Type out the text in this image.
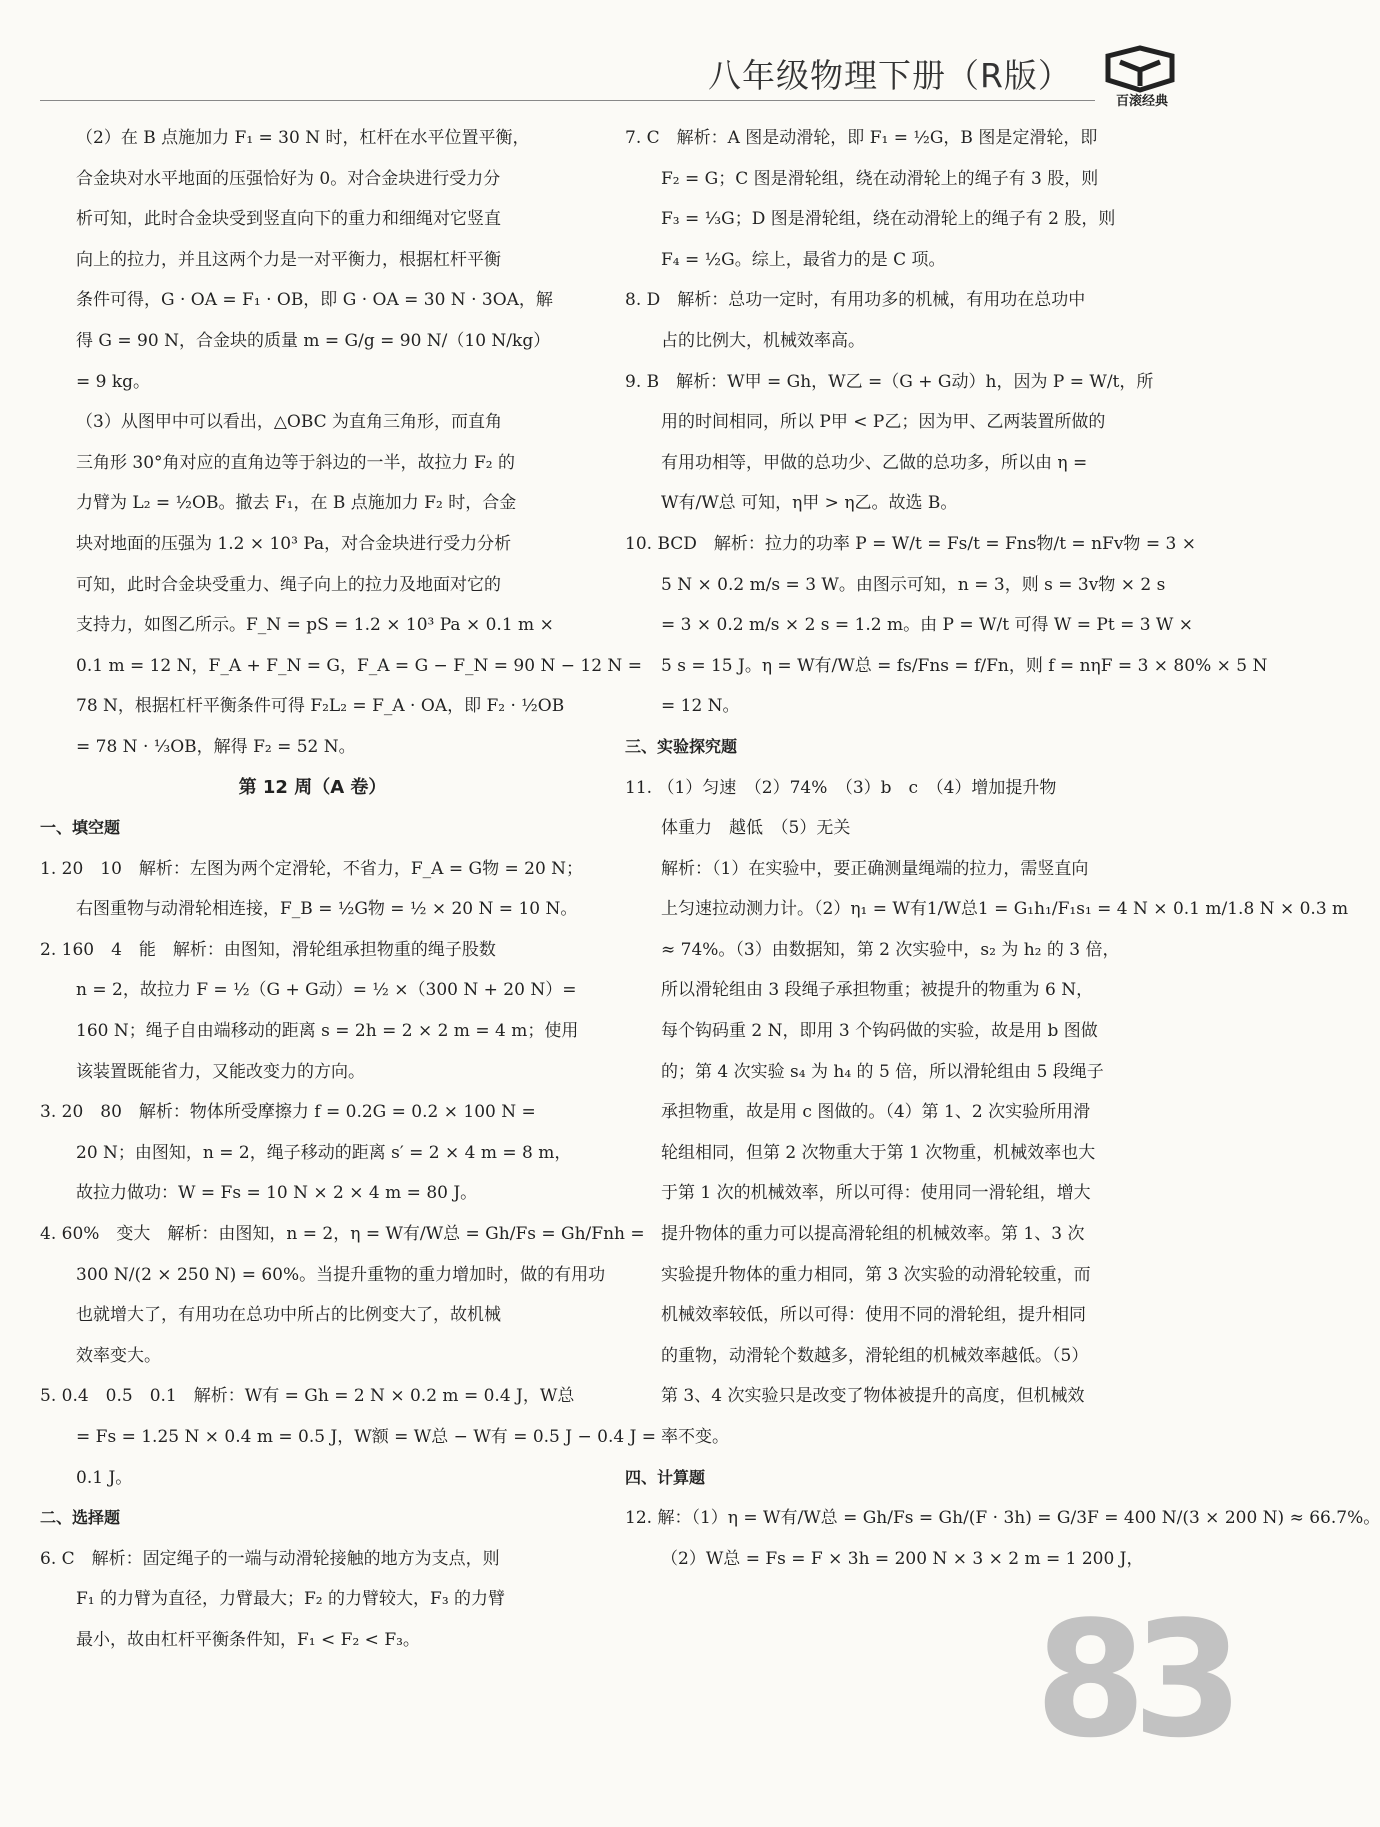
八年级物理下册（R版）
百滚经典
（2）在 B 点施加力 F₁ = 30 N 时，杠杆在水平位置平衡，
合金块对水平地面的压强恰好为 0。对合金块进行受力分
析可知，此时合金块受到竖直向下的重力和细绳对它竖直
向上的拉力，并且这两个力是一对平衡力，根据杠杆平衡
条件可得，G · OA = F₁ · OB，即 G · OA = 30 N · 3OA，解
得 G = 90 N，合金块的质量 m = G/g = 90 N/（10 N/kg）
= 9 kg。
（3）从图甲中可以看出，△OBC 为直角三角形，而直角
三角形 30°角对应的直角边等于斜边的一半，故拉力 F₂ 的
力臂为 L₂ = ½OB。撤去 F₁，在 B 点施加力 F₂ 时，合金
块对地面的压强为 1.2 × 10³ Pa，对合金块进行受力分析
可知，此时合金块受重力、绳子向上的拉力及地面对它的
支持力，如图乙所示。F_N = pS = 1.2 × 10³ Pa × 0.1 m ×
0.1 m = 12 N，F_A + F_N = G，F_A = G − F_N = 90 N − 12 N =
78 N，根据杠杆平衡条件可得 F₂L₂ = F_A · OA，即 F₂ · ½OB
= 78 N · ⅓OB，解得 F₂ = 52 N。
第 12 周（A 卷）
一、填空题
1. 20　10　解析：左图为两个定滑轮，不省力，F_A = G物 = 20 N；
右图重物与动滑轮相连接，F_B = ½G物 = ½ × 20 N = 10 N。
2. 160　4　能　解析：由图知，滑轮组承担物重的绳子股数
n = 2，故拉力 F = ½（G + G动）= ½ ×（300 N + 20 N）=
160 N；绳子自由端移动的距离 s = 2h = 2 × 2 m = 4 m；使用
该装置既能省力，又能改变力的方向。
3. 20　80　解析：物体所受摩擦力 f = 0.2G = 0.2 × 100 N =
20 N；由图知，n = 2，绳子移动的距离 s′ = 2 × 4 m = 8 m，
故拉力做功：W = Fs = 10 N × 2 × 4 m = 80 J。
4. 60%　变大　解析：由图知，n = 2，η = W有/W总 = Gh/Fs = Gh/Fnh =
300 N/(2 × 250 N) = 60%。当提升重物的重力增加时，做的有用功
也就增大了，有用功在总功中所占的比例变大了，故机械
效率变大。
5. 0.4　0.5　0.1　解析：W有 = Gh = 2 N × 0.2 m = 0.4 J，W总
= Fs = 1.25 N × 0.4 m = 0.5 J，W额 = W总 − W有 = 0.5 J − 0.4 J =
0.1 J。
二、选择题
6. C　解析：固定绳子的一端与动滑轮接触的地方为支点，则
F₁ 的力臂为直径，力臂最大；F₂ 的力臂较大，F₃ 的力臂
最小，故由杠杆平衡条件知，F₁ < F₂ < F₃。
7. C　解析：A 图是动滑轮，即 F₁ = ½G，B 图是定滑轮，即
F₂ = G；C 图是滑轮组，绕在动滑轮上的绳子有 3 股，则
F₃ = ⅓G；D 图是滑轮组，绕在动滑轮上的绳子有 2 股，则
F₄ = ½G。综上，最省力的是 C 项。
8. D　解析：总功一定时，有用功多的机械，有用功在总功中
占的比例大，机械效率高。
9. B　解析：W甲 = Gh，W乙 =（G + G动）h，因为 P = W/t，所
用的时间相同，所以 P甲 < P乙；因为甲、乙两装置所做的
有用功相等，甲做的总功少、乙做的总功多，所以由 η =
W有/W总 可知，η甲 > η乙。故选 B。
10. BCD　解析：拉力的功率 P = W/t = Fs/t = Fns物/t = nFv物 = 3 ×
5 N × 0.2 m/s = 3 W。由图示可知，n = 3，则 s = 3v物 × 2 s
= 3 × 0.2 m/s × 2 s = 1.2 m。由 P = W/t 可得 W = Pt = 3 W ×
5 s = 15 J。η = W有/W总 = fs/Fns = f/Fn，则 f = nηF = 3 × 80% × 5 N
= 12 N。
三、实验探究题
11. （1）匀速　（2）74%　（3）b　c　（4）增加提升物
体重力　越低　（5）无关
解析：（1）在实验中，要正确测量绳端的拉力，需竖直向
上匀速拉动测力计。（2）η₁ = W有1/W总1 = G₁h₁/F₁s₁ = 4 N × 0.1 m/1.8 N × 0.3 m
≈ 74%。（3）由数据知，第 2 次实验中，s₂ 为 h₂ 的 3 倍，
所以滑轮组由 3 段绳子承担物重；被提升的物重为 6 N，
每个钩码重 2 N，即用 3 个钩码做的实验，故是用 b 图做
的；第 4 次实验 s₄ 为 h₄ 的 5 倍，所以滑轮组由 5 段绳子
承担物重，故是用 c 图做的。（4）第 1、2 次实验所用滑
轮组相同，但第 2 次物重大于第 1 次物重，机械效率也大
于第 1 次的机械效率，所以可得：使用同一滑轮组，增大
提升物体的重力可以提高滑轮组的机械效率。第 1、3 次
实验提升物体的重力相同，第 3 次实验的动滑轮较重，而
机械效率较低，所以可得：使用不同的滑轮组，提升相同
的重物，动滑轮个数越多，滑轮组的机械效率越低。（5）
第 3、4 次实验只是改变了物体被提升的高度，但机械效
率不变。
四、计算题
12. 解：（1）η = W有/W总 = Gh/Fs = Gh/(F · 3h) = G/3F = 400 N/(3 × 200 N) ≈ 66.7%。
（2）W总 = Fs = F × 3h = 200 N × 3 × 2 m = 1 200 J，
83
